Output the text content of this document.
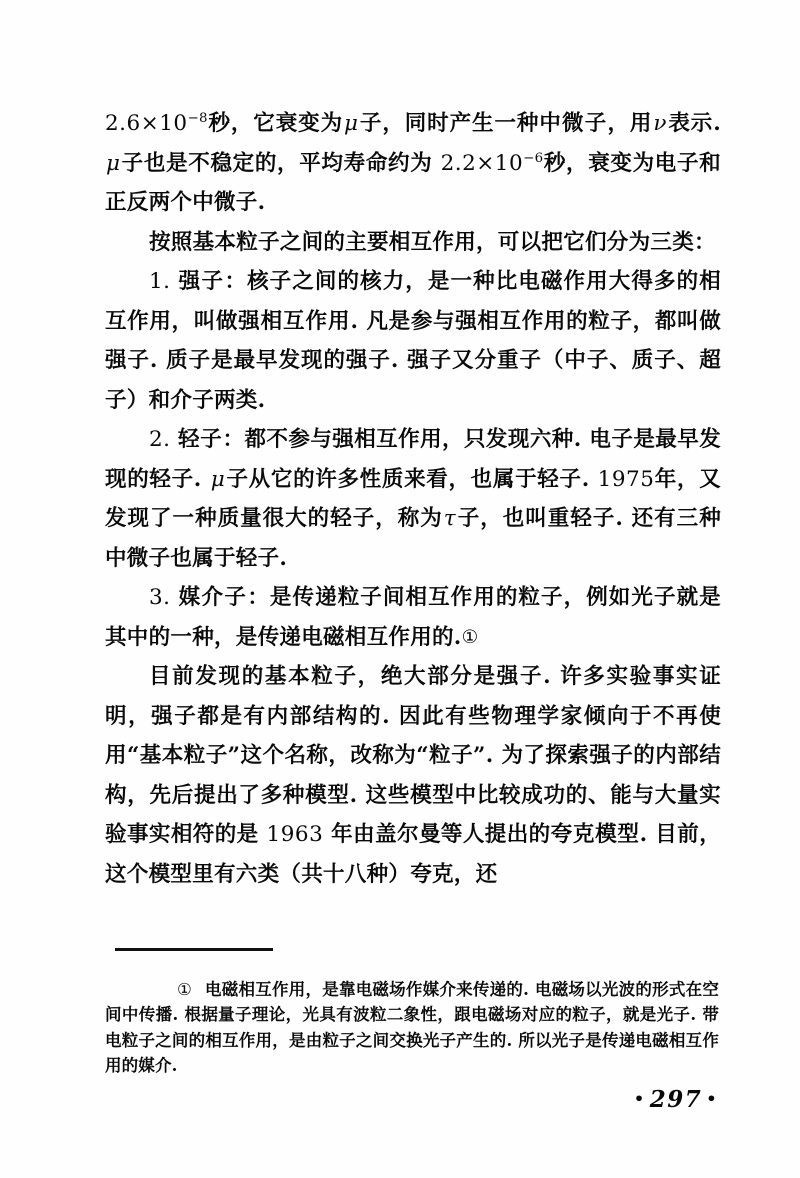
$2.6\times 10^{-8}$秒，它衰变为μ子，同时产生一种中微子，用ν表示. μ子也是不稳定的，平均寿命约为 $2.2\times 10^{-6}$秒，衰变为电子和正反两个中微子.

按照基本粒子之间的主要相互作用，可以把它们分为三类：

1. 强子：核子之间的核力，是一种比电磁作用大得多的相互作用，叫做强相互作用. 凡是参与强相互作用的粒子，都叫做强子. 质子是最早发现的强子. 强子又分重子（中子、质子、超子）和介子两类.

2. 轻子：都不参与强相互作用，只发现六种. 电子是最早发现的轻子. μ子从它的许多性质来看，也属于轻子. 1975年，又发现了一种质量很大的轻子，称为τ子，也叫重轻子. 还有三种中微子也属于轻子.

3. 媒介子：是传递粒子间相互作用的粒子，例如光子就是其中的一种，是传递电磁相互作用的.①

目前发现的基本粒子，绝大部分是强子. 许多实验事实证明，强子都是有内部结构的. 因此有些物理学家倾向于不再使用“基本粒子”这个名称，改称为“粒子”. 为了探索强子的内部结构，先后提出了多种模型. 这些模型中比较成功的、能与大量实验事实相符的是 1963 年由盖尔曼等人提出的夸克模型. 目前，这个模型里有六类（共十八种）夸克，还

① 电磁相互作用，是靠电磁场作媒介来传递的. 电磁场以光波的形式在空间中传播. 根据量子理论，光具有波粒二象性，跟电磁场对应的粒子，就是光子. 带电粒子之间的相互作用，是由粒子之间交换光子产生的. 所以光子是传递电磁相互作用的媒介.

• 297 •
